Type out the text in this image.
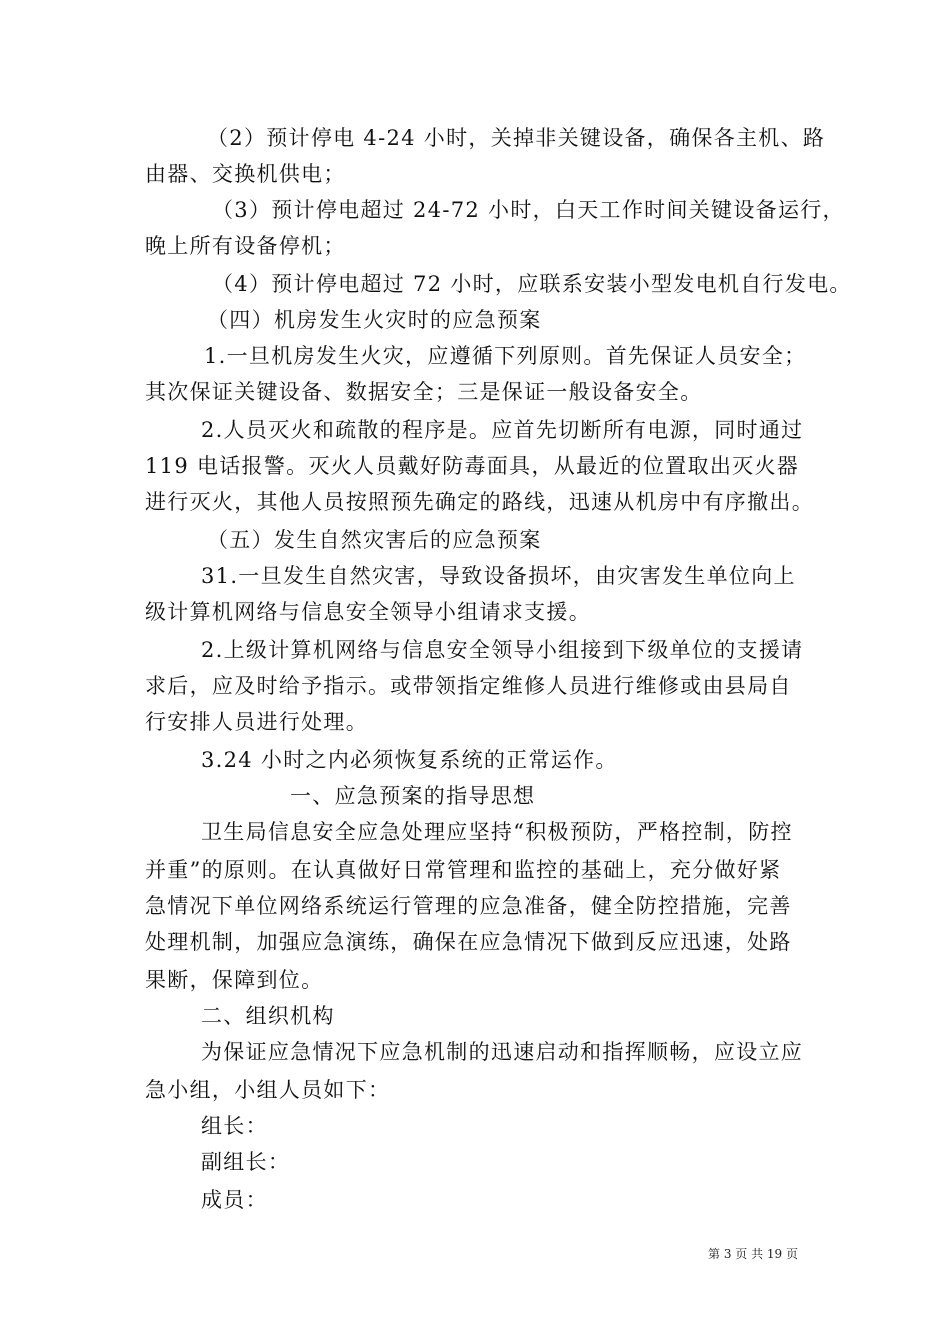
（2）预计停电 4-24 小时，关掉非关键设备，确保各主机、路
由器、交换机供电；
（3）预计停电超过 24-72 小时，白天工作时间关键设备运行，
晚上所有设备停机；
（4）预计停电超过 72 小时，应联系安装小型发电机自行发电。
（四）机房发生火灾时的应急预案
1.一旦机房发生火灾，应遵循下列原则。首先保证人员安全；
其次保证关键设备、数据安全；三是保证一般设备安全。
2.人员灭火和疏散的程序是。应首先切断所有电源，同时通过
119 电话报警。灭火人员戴好防毒面具，从最近的位置取出灭火器
进行灭火，其他人员按照预先确定的路线，迅速从机房中有序撤出。
（五）发生自然灾害后的应急预案
31.一旦发生自然灾害，导致设备损坏，由灾害发生单位向上
级计算机网络与信息安全领导小组请求支援。
2.上级计算机网络与信息安全领导小组接到下级单位的支援请
求后，应及时给予指示。或带领指定维修人员进行维修或由县局自
行安排人员进行处理。
3.24 小时之内必须恢复系统的正常运作。
一、应急预案的指导思想
卫生局信息安全应急处理应坚持“积极预防，严格控制，防控
并重”的原则。在认真做好日常管理和监控的基础上，充分做好紧
急情况下单位网络系统运行管理的应急准备，健全防控措施，完善
处理机制，加强应急演练，确保在应急情况下做到反应迅速，处路
果断，保障到位。
二、组织机构
为保证应急情况下应急机制的迅速启动和指挥顺畅，应设立应
急小组，小组人员如下：
组长：
副组长：
成员：
第 3 页 共 19 页
